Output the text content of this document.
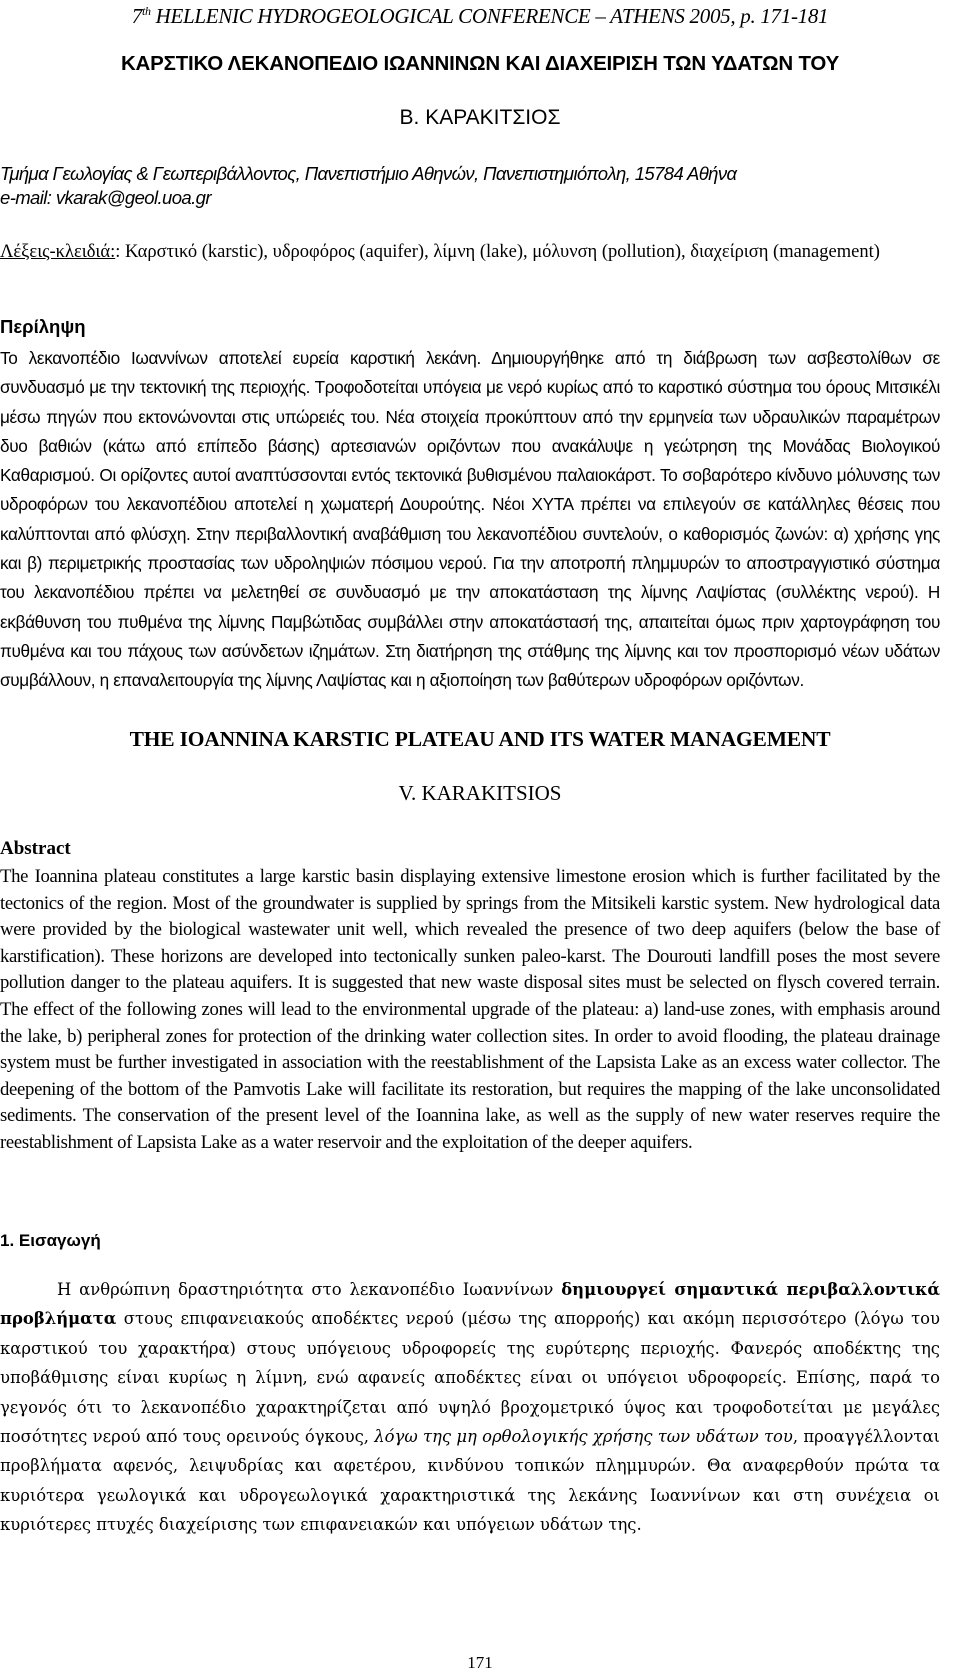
7th HELLENIC HYDROGEOLOGICAL CONFERENCE – ATHENS 2005, p. 171-181
ΚΑΡΣΤΙΚΟ ΛΕΚΑΝΟΠΕΔΙΟ ΙΩΑΝΝΙΝΩΝ ΚΑΙ ΔΙΑΧΕΙΡΙΣΗ ΤΩΝ ΥΔΑΤΩΝ ΤΟΥ
Β. ΚΑΡΑΚΙΤΣΙΟΣ
Τμήμα Γεωλογίας & Γεωπεριβάλλοντος, Πανεπιστήμιο Αθηνών, Πανεπιστημιόπολη, 15784 Αθήνα
e-mail: vkarak@geol.uoa.gr
Λέξεις-κλειδιά:: Καρστικό (karstic), υδροφόρος (aquifer), λίμνη (lake), μόλυνση (pollution), διαχείριση (management)
Περίληψη
Το λεκανοπέδιο Ιωαννίνων αποτελεί ευρεία καρστική λεκάνη. Δημιουργήθηκε από τη διάβρωση των ασβεστολίθων σε συνδυασμό με την τεκτονική της περιοχής. Τροφοδοτείται υπόγεια με νερό κυρίως από το καρστικό σύστημα του όρους Μιτσικέλι μέσω πηγών που εκτονώνονται στις υπώρειές του. Νέα στοιχεία προκύπτουν από την ερμηνεία των υδραυλικών παραμέτρων δυο βαθιών (κάτω από επίπεδο βάσης) αρτεσιανών οριζόντων που ανακάλυψε η γεώτρηση της Μονάδας Βιολογικού Καθαρισμού. Οι ορίζοντες αυτοί αναπτύσσονται εντός τεκτονικά βυθισμένου παλαιοκάρστ. Το σοβαρότερο κίνδυνο μόλυνσης των υδροφόρων του λεκανοπέδιου αποτελεί η χωματερή Δουρούτης. Νέοι ΧΥΤΑ πρέπει να επιλεγούν σε κατάλληλες θέσεις που καλύπτονται από φλύσχη. Στην περιβαλλοντική αναβάθμιση του λεκανοπέδιου συντελούν, ο καθορισμός ζωνών: α) χρήσης γης και β) περιμετρικής προστασίας των υδροληψιών πόσιμου νερού. Για την αποτροπή πλημμυρών το αποστραγγιστικό σύστημα του λεκανοπέδιου πρέπει να μελετηθεί σε συνδυασμό με την αποκατάσταση της λίμνης Λαψίστας (συλλέκτης νερού). Η εκβάθυνση του πυθμένα της λίμνης Παμβώτιδας συμβάλλει στην αποκατάστασή της, απαιτείται όμως πριν χαρτογράφηση του πυθμένα και του πάχους των ασύνδετων ιζημάτων. Στη διατήρηση της στάθμης της λίμνης και τον προσπορισμό νέων υδάτων συμβάλλουν, η επαναλειτουργία της λίμνης Λαψίστας και η αξιοποίηση των βαθύτερων υδροφόρων οριζόντων.
THE IOANNINA KARSTIC PLATEAU AND ITS WATER MANAGEMENT
V. KARAKITSIOS
Abstract
The Ioannina plateau constitutes a large karstic basin displaying extensive limestone erosion which is further facilitated by the tectonics of the region. Most of the groundwater is supplied by springs from the Mitsikeli karstic system. New hydrological data were provided by the biological wastewater unit well, which revealed the presence of two deep aquifers (below the base of karstification). These horizons are developed into tectonically sunken paleo-karst. The Dourouti landfill poses the most severe pollution danger to the plateau aquifers. It is suggested that new waste disposal sites must be selected on flysch covered terrain. The effect of the following zones will lead to the environmental upgrade of the plateau: a) land-use zones, with emphasis around the lake, b) peripheral zones for protection of the drinking water collection sites. In order to avoid flooding, the plateau drainage system must be further investigated in association with the reestablishment of the Lapsista Lake as an excess water collector. The deepening of the bottom of the Pamvotis Lake will facilitate its restoration, but requires the mapping of the lake unconsolidated sediments. The conservation of the present level of the Ioannina lake, as well as the supply of new water reserves require the reestablishment of Lapsista Lake as a water reservoir and the exploitation of the deeper aquifers.
1. Εισαγωγή
Η ανθρώπινη δραστηριότητα στο λεκανοπέδιο Ιωαννίνων δημιουργεί σημαντικά περιβαλλοντικά προβλήματα στους επιφανειακούς αποδέκτες νερού (μέσω της απορροής) και ακόμη περισσότερο (λόγω του καρστικού του χαρακτήρα) στους υπόγειους υδροφορείς της ευρύτερης περιοχής. Φανερός αποδέκτης της υποβάθμισης είναι κυρίως η λίμνη, ενώ αφανείς αποδέκτες είναι οι υπόγειοι υδροφορείς. Επίσης, παρά το γεγονός ότι το λεκανοπέδιο χαρακτηρίζεται από υψηλό βροχομετρικό ύψος και τροφοδοτείται με μεγάλες ποσότητες νερού από τους ορεινούς όγκους, λόγω της μη ορθολογικής χρήσης των υδάτων του, προαγγέλλονται προβλήματα αφενός, λειψυδρίας και αφετέρου, κινδύνου τοπικών πλημμυρών. Θα αναφερθούν πρώτα τα κυριότερα γεωλογικά και υδρογεωλογικά χαρακτηριστικά της λεκάνης Ιωαννίνων και στη συνέχεια οι κυριότερες πτυχές διαχείρισης των επιφανειακών και υπόγειων υδάτων της.
171
